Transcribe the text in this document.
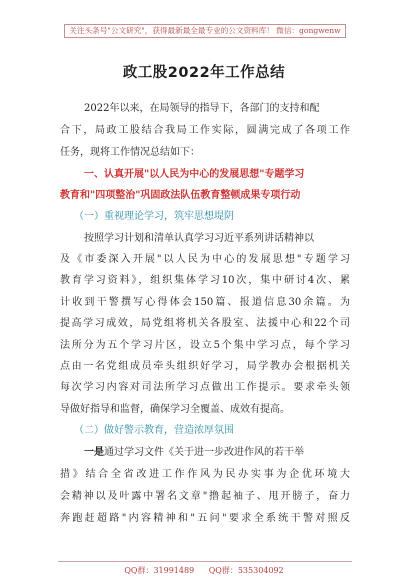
关注头条号"公文研究"，获得最新最全最专业的公文资料库！ 微信：gongwenw
政工股2022年工作总结
2022年以来，在局领导的指导下，各部门的支持和配
合下，局政工股结合我局工作实际，圆满完成了各项工作
任务，现将工作情况总结如下：
一、认真开展"以人民为中心的发展思想"专题学习
教育和"四项整治"巩固政法队伍教育整顿成果专项行动
（一）重视理论学习，筑牢思想堤阴
按照学习计划和清单认真学习习近平系列讲话精神以
及《市委深入开展"以人民为中心的发展思想"专题学习
教育学习资料》，组织集体学习10次，集中研讨4次、累
计收到干警撰写心得体会150篇、报道信息30余篇。为
提高学习成效，局党组将机关各股室、法援中心和22个司
法所分为五个学习片区，设立5个集中学习点，每个学习
点由一名党组成员牵头组织好学习，局学教办会根据机关
每次学习内容对司法所学习点做出工作提示。要求牵头领
导做好指导和监督，确保学习全覆盖、成效有提高。
（二）做好警示教育，营造浓厚氛围
一是通过学习文件《关于进一步改进作风的若干举
措》结合全省改进工作作风为民办实事为企优环境大
会精神以及叶露中署名文章"撸起袖子、甩开膀子，奋力
奔跑赶超路"内容精神和"五问"要求全系统干警对照反
QQ群：31991489 QQ群：535304092
